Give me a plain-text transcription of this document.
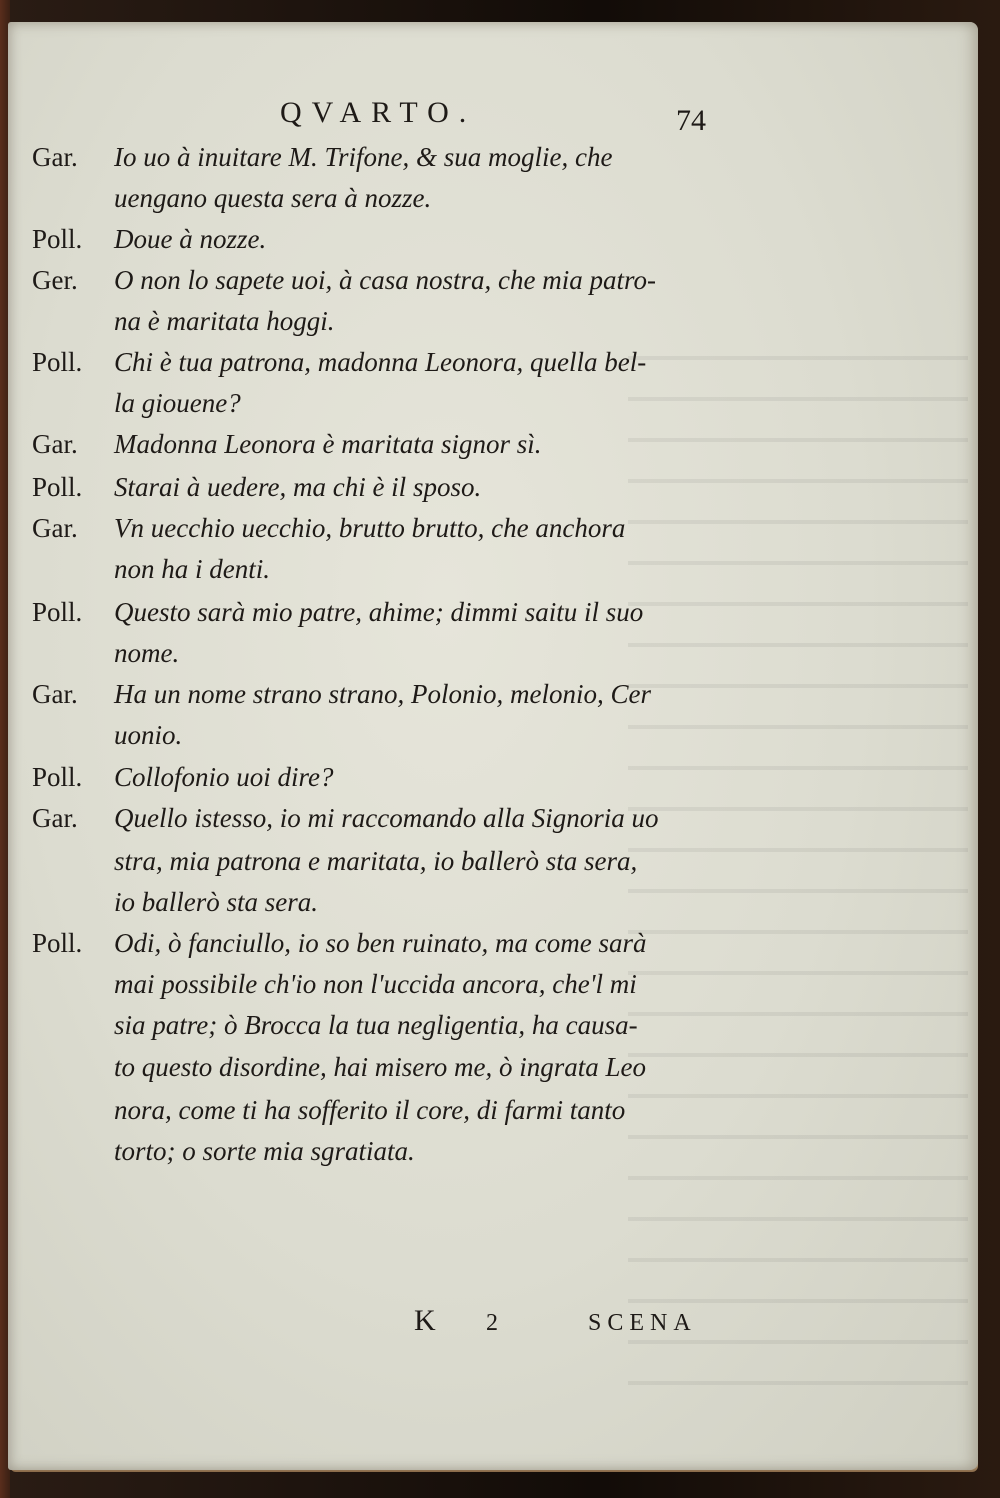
QVARTO.	74
Gar. Io uo à inuitare M. Trifone, & sua moglie, che
uengano questa sera à nozze.
Poll. Doue à nozze.
Ger. O non lo sapete uoi, à casa nostra, che mia patro-
na è maritata hoggi.
Poll. Chi è tua patrona, madonna Leonora, quella bel-
la giouene?
Gar. Madonna Leonora è maritata signor sì.
Poll. Starai à uedere, ma chi è il sposo.
Gar. Vn uecchio uecchio, brutto brutto, che anchora
non ha i denti.
Poll. Questo sarà mio patre, ahime; dimmi saitu il suo
nome.
Gar. Ha un nome strano strano, Polonio, melonio, Cer
uonio.
Poll. Collofonio uoi dire?
Gar. Quello istesso, io mi raccomando alla Signoria uo
stra, mia patrona e maritata, io ballerò sta sera,
io ballerò sta sera.
Poll. Odi, ò fanciullo, io so ben ruinato, ma come sarà
mai possibile ch'io non l'uccida ancora, che'l mi
sia patre; ò Brocca la tua negligentia, ha causa-
to questo disordine, hai misero me, ò ingrata Leo
nora, come ti ha sofferito il core, di farmi tanto
torto; o sorte mia sgratiata.
K 2	SCENA
